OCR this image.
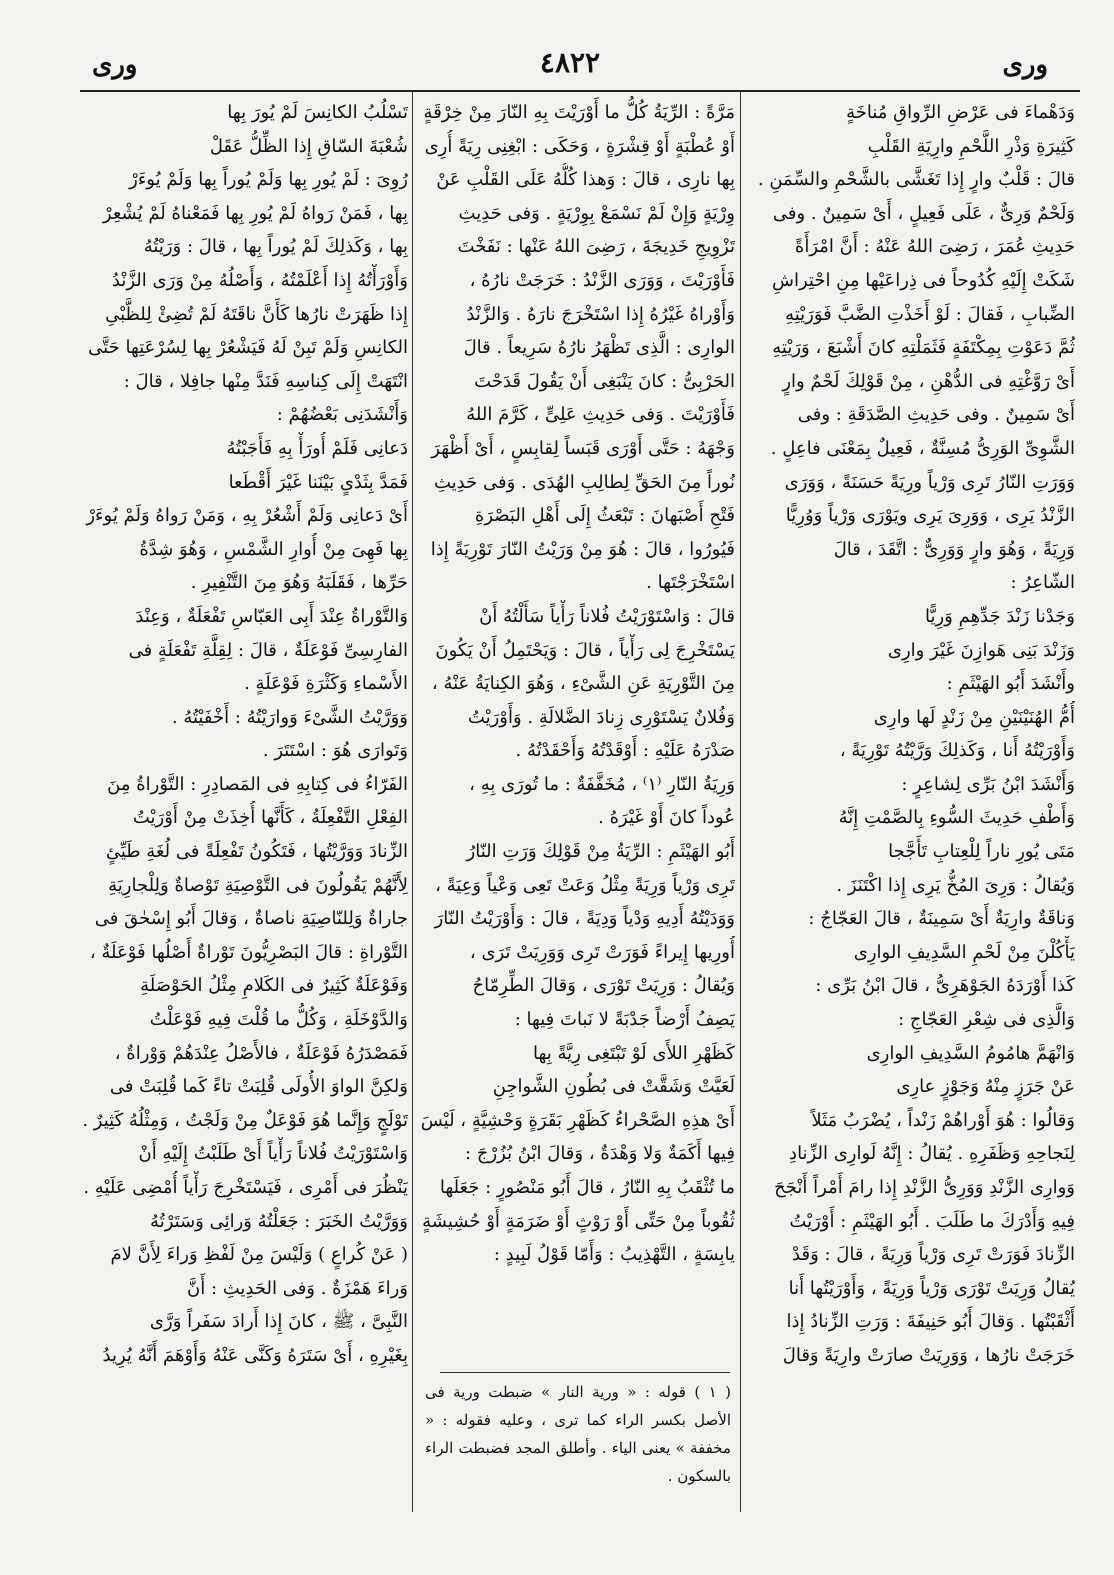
وری	٤٨٢٢	ورى
وَدَهْماءَ فى عَرْضِ الرِّواقِ مُناخَةٍ
كَثِيرَةِ وَذْرِ اللَّحْمِ وارِيَةِ القَلْبِ
قالَ : قَلْبٌ وارٍ إِذا تَغَشَّى بالشَّحْمِ والسِّمَنِ .
وَلَحْمٌ وَرِىٌّ ، عَلَى فَعِيلٍ ، أَىْ سَمِينٌ . وفى
حَدِيثِ عُمَرَ ، رَضِىَ اللهُ عَنْهُ : أَنَّ امْرَأَةً
شَكَتْ إِلَيْهِ كُدُوحاً فى ذِراعَيْها مِنِ احْتِراشِ
الضِّبابِ ، فَقالَ : لَوْ أَخَذْتِ الضَّبَّ فَوَرَيْتِهِ
ثُمَّ دَعَوْتِ بِمِكْتَفَةٍ فَثَمَلْتِهِ كانَ أَشْبَعَ ، وَرَيْتِهِ
أَىْ رَوَّغْتِهِ فى الدُّهْنِ ، مِنْ قَوْلِكَ لَحْمٌ وارٍ
أَىْ سَمِينٌ . وفى حَدِيثِ الصَّدَقَةِ : وفى
الشَّوِىِّ الوَرِىُّ مُسِنَّةٌ ، فَعِيلٌ بِمَعْنَى فاعِلٍ .
وَوَرَتِ النّارُ تَرِى وَرْياً ورِيَةً حَسَنَةً ، وَوَرَى
الزَّنْدُ يَرِى ، وَوَرِىَ يَرِى ويَوْرَى وَرْياً وَوُرِيًّا
وَرِيَةً ، وَهُوَ وارٍ وَوَرِىٌّ : اتَّقَدَ ، قالَ
الشّاعِرُ :
وَجَدْنا زَنْدَ جَدِّهِمِ وَرِيًّا
وَزَنْدَ بَنِى هَوازِنَ غَيْرَ وارِى
وأَنْشَدَ أَبُو الهَيْثَمِ :
أُمُّ الهُنَيْنَيْنِ مِنْ زَنْدٍ لَها وارِى
وَأَوْرَيْتُهُ أَنا ، وَكَذلِكَ وَرَّيْتُهُ تَوْرِيَةً ،
وَأَنْشَدَ ابْنُ بَرِّى لِشاعِرٍ :
وَأَطْفِ حَدِيثَ السُّوءِ بِالصَّمْتِ إِنَّهُ
مَتَى يُورِ ناراً لِلْعِتابِ تَأَجَّجا
وَيُقالُ : وَرِىَ المُخُّ يَرِى إِذا اكْتَنَزَ .
وَناقَةٌ وارِيَةٌ أَىْ سَمِينَةٌ ، قالَ العَجّاجُ :
يَأْكُلْنَ مِنْ لَحْمِ السَّدِيفِ الوارِى
كَذا أَوْرَدَهُ الجَوْهَرِىُّ ، قالَ ابْنُ بَرِّى :
وَالَّذِى فى شِعْرِ العَجّاجِ :
وَانْهَمَّ هامُومُ السَّدِيفِ الوارِى
عَنْ جَرَزٍ مِنْهُ وَجَوْزٍ عارِى
وَقالُوا : هُوَ أَوْراهُمْ زَنْداً ، يُضْرَبُ مَثَلاً
لِنَجاحِهِ وَظَفَرِهِ . يُقالُ : إِنَّهُ لَوارِى الزِّنادِ
وَوارِى الزَّنْدِ وَوَرِىُّ الزَّنْدِ إِذا رامَ أَمْراً أَنْجَحَ
فِيهِ وَأَدْرَكَ ما طَلَبَ . أَبُو الهَيْثَمِ : أَوْرَيْتُ
الزِّنادَ فَوَرَتْ تَرِى وَرْياً وَرِيَةً ، قالَ : وَقَدْ
يُقالُ وَرِيَتْ تَوْرَى وَرْياً وَرِيَةً ، وَأَوْرَيْتُها أَنا
أَثْقَبْتُها . وَقالَ أَبُو حَنِيفَةَ : وَرَتِ الزِّنادُ إِذا
خَرَجَتْ نارُها ، وَوَرِيَتْ صارَتْ وارِيَةً وَقالَ
مَرَّةً : الرِّيَةُ كُلُّ ما أَوْرَيْتَ بِهِ النّارَ مِنْ خِرْقَةٍ
أَوْ عُطْبَةٍ أَوْ قِشْرَةٍ ، وَحَكَى : ابْغِنِى رِيَةً أُرِى
بِها نارِى ، قالَ : وَهذا كُلُّهُ عَلَى القَلْبِ عَنْ
وِرْيَةٍ وَإِنْ لَمْ نَسْمَعْ بِوِرْيَةٍ . وَفى حَدِيثِ
تَزْوِيجِ خَدِيجَةَ ، رَضِىَ اللهُ عَنْها : نَفَخْتَ
فَأَوْرَيْتَ ، وَوَرَى الزَّنْدُ : خَرَجَتْ نارُهُ ،
وَأَوْراهُ غَيْرُهُ إِذا اسْتَخْرَجَ نارَهُ . وَالزَّنْدُ
الوارِى : الَّذِى تَظْهَرُ نارُهُ سَرِيعاً . قالَ
الحَرْبِىُّ : كانَ يَنْبَغِى أَنْ يَقُولَ قَدَحْتَ
فَأَوْرَيْتَ . وَفى حَدِيثِ عَلِىٍّ ، كَرَّمَ اللهُ
وَجْهَهُ : حَتَّى أَوْرَى قَبَساً لِقابِسٍ ، أَىْ أَظْهَرَ
نُوراً مِنَ الحَقِّ لِطالِبِ الهُدَى . وَفى حَدِيثِ
فَتْحِ أَصْبَهانَ : تَبْعَثُ إِلَى أَهْلِ البَصْرَةِ
فَيُورُوا ، قالَ : هُوَ مِنْ وَرَيْتُ النّارَ تَوْرِيَةً إِذا
اسْتَخْرَجْتَها .
قالَ : وَاسْتَوْرَيْتُ فُلاناً رَأْياً سَأَلْتُهُ أَنْ
يَسْتَخْرِجَ لِى رَأْياً ، قالَ : وَيَحْتَمِلُ أَنْ يَكُونَ
مِنَ التَّوْرِيَةِ عَنِ الشَّىْءِ ، وَهُوَ الكِنايَةُ عَنْهُ ،
وَفُلانٌ يَسْتَوْرِى زِنادَ الضَّلالَةِ . وَأَوْرَيْتُ
صَدْرَهُ عَلَيْهِ : أَوْقَدْتُهُ وَأَحْقَدْتُهُ .
وَرِيَةُ النّارِ ⁽١⁾ ، مُخَفَّفَةٌ : ما تُورَى بِهِ ،
عُوداً كانَ أَوْ غَيْرَهُ .
أَبُو الهَيْثَمِ : الرِّيَةُ مِنْ قَوْلِكَ وَرَتِ النّارُ
تَرِى وَرْياً وَرِيَةً مِثْلُ وَعَتْ تَعِى وَعْياً وَعِيَةً ،
وَوَدَيْتُهُ أَدِيهِ وَدْياً وَدِيَةً ، قالَ : وَأَوْرَيْتُ النّارَ
أُورِيها إِيراءً فَوَرَتْ تَرِى وَوَرِيَتْ تَرَى ،
وَيُقالُ : وَرِيَتْ تَوْرَى ، وَقالَ الطِّرِمّاحُ
يَصِفُ أَرْضاً جَدْبَةً لا نَباتَ فِيها :
كَظَهْرِ اللأَى لَوْ تَبْتَغِى رِيَّةً بِها
لَعَيَّتْ وَشَقَّتْ فى بُطُونِ الشَّواجِنِ
أَىْ هذِهِ الصَّحْراءُ كَظَهْرِ بَقَرَةٍ وَحْشِيَّةٍ ، لَيْسَ
فِيها أَكَمَةٌ وَلا وَهْدَةٌ ، وَقالَ ابْنُ بُزُرْجَ :
ما تُثْقَبُ بِهِ النّارُ ، قالَ أَبُو مَنْصُورٍ : جَعَلَها
ثُقُوباً مِنْ حَتِّى أَوْ رَوْثٍ أَوْ ضَرَمَةٍ أَوْ حُشِيشَةٍ
يابِسَةٍ ، التَّهْذِيبُ : وَأَمّا قَوْلُ لَبِيدٍ :
تَسْلُبُ الكانِسَ لَمْ يُورَ بِها
شُعْبَةَ السّاقِ إِذا الظِّلُّ عَقَلْ
رُوِىَ : لَمْ يُورِ بِها وَلَمْ يُوراً بِها وَلَمْ يُوءَرْ
بِها ، فَمَنْ رَواهُ لَمْ يُورِ بِها فَمَعْناهُ لَمْ يُشْعِرْ
بِها ، وَكَذلِكَ لَمْ يُوراً بِها ، قالَ : وَرَيْتُهُ
وَأَوْرَأْتُهُ إِذا أَعْلَمْتُهُ ، وَأَصْلُهُ مِنْ وَرَى الزَّنْدُ
إِذا ظَهَرَتْ نارُها كَأَنَّ ناقَتَهُ لَمْ تُضِئْ لِلظَّبْىِ
الكانِسِ وَلَمْ تَبِنْ لَهُ فَيَشْعُرْ بِها لِسُرْعَتِها حَتَّى
انْتَهَتْ إِلَى كِناسِهِ فَنَدَّ مِنْها جافِلا ، قالَ :
وَأَنْشَدَنِى بَعْضُهُمْ :
دَعانِى فَلَمْ أُورَأْ بِهِ فَأَجَبْتُهُ
فَمَدَّ بِثَدْىٍ بَيْنَنا غَيْرَ أَقْطَعا
أَىْ دَعانِى وَلَمْ أَشْعُرْ بِهِ ، وَمَنْ رَواهُ وَلَمْ يُوءَرْ
بِها فَهِىَ مِنْ أُوارِ الشَّمْسِ ، وَهُوَ شِدَّةُ
حَرِّها ، فَقَلَبَهُ وَهُوَ مِنَ التَّنْفِيرِ .
وَالتَّوْراةُ عِنْدَ أَبِى العَبّاسِ تَفْعَلَةٌ ، وَعِنْدَ
الفارِسِىِّ فَوْعَلَةٌ ، قالَ : لِقِلَّةِ تَفْعَلَةٍ فى
الأَسْماءِ وَكَثْرَةِ فَوْعَلَةٍ .
وَوَرَّيْتُ الشَّىْءَ وَوارَيْتُهُ : أَخْفَيْتُهُ .
وَتَوارَى هُوَ : اسْتَتَرَ .
الفَرّاءُ فى كِتابِهِ فى المَصادِرِ : التَّوْراةُ مِنَ
الفِعْلِ التَّفْعِلَةُ ، كَأَنَّها أُخِذَتْ مِنْ أَوْرَيْتُ
الزِّنادَ وَوَرَّيْتُها ، فَتَكُونُ تَفْعِلَةً فى لُغَةِ طَيِّئٍ
لِأَنَّهُمْ يَقُولُونَ فى التَّوْصِيَةِ تَوْصاةٌ وَلِلْجارِيَةِ
جاراةٌ وَلِلنّاصِيَةِ ناصاةٌ ، وَقالَ أَبُو إِسْحٰقَ فى
التَّوْراةِ : قالَ البَصْرِيُّونَ تَوْراةٌ أَصْلُها فَوْعَلَةٌ ،
وَفَوْعَلَةٌ كَثِيرٌ فى الكَلامِ مِثْلُ الحَوْصَلَةِ
وَالدَّوْخَلَةِ ، وَكُلُّ ما قُلْتَ فِيهِ فَوْعَلْتُ
فَمَصْدَرُهُ فَوْعَلَةٌ ، فالأَصْلُ عِنْدَهُمْ وَوْراةٌ ،
وَلكِنَّ الواوَ الأُولَى قُلِبَتْ تاءً كَما قُلِبَتْ فى
تَوْلَجٍ وَإِنَّما هُوَ فَوْعَلٌ مِنْ وَلَجْتُ ، وَمِثْلُهُ كَثِيرٌ .
وَاسْتَوْرَيْتُ فُلاناً رَأْياً أَىْ طَلَبْتُ إِلَيْهِ أَنْ
يَنْظُرَ فى أَمْرِى ، فَيَسْتَخْرِجَ رَأْياً أُمْضِى عَلَيْهِ .
وَوَرَّيْتُ الخَبَرَ : جَعَلْتُهُ وَرائِى وَسَتَرْتُهُ
( عَنْ كُراعٍ ) وَلَيْسَ مِنْ لَفْظِ وَراءَ لِأَنَّ لامَ
وَراءَ هَمْزَةٌ . وَفى الحَدِيثِ : أَنَّ
النَّبِىَّ ، ﷺ ، كانَ إِذا أَرادَ سَفَراً وَرَّى
بِغَيْرِهِ ، أَىْ سَتَرَهُ وَكَنَّى عَنْهُ وَأَوْهَمَ أَنَّهُ يُرِيدُ
( ١ ) قوله : « ورية النار » ضبطت ورية فى الأصل بكسر الراء كما ترى ، وعليه فقوله : « مخففة » يعنى الياء . وأطلق المجد فضبطت الراء بالسكون .
